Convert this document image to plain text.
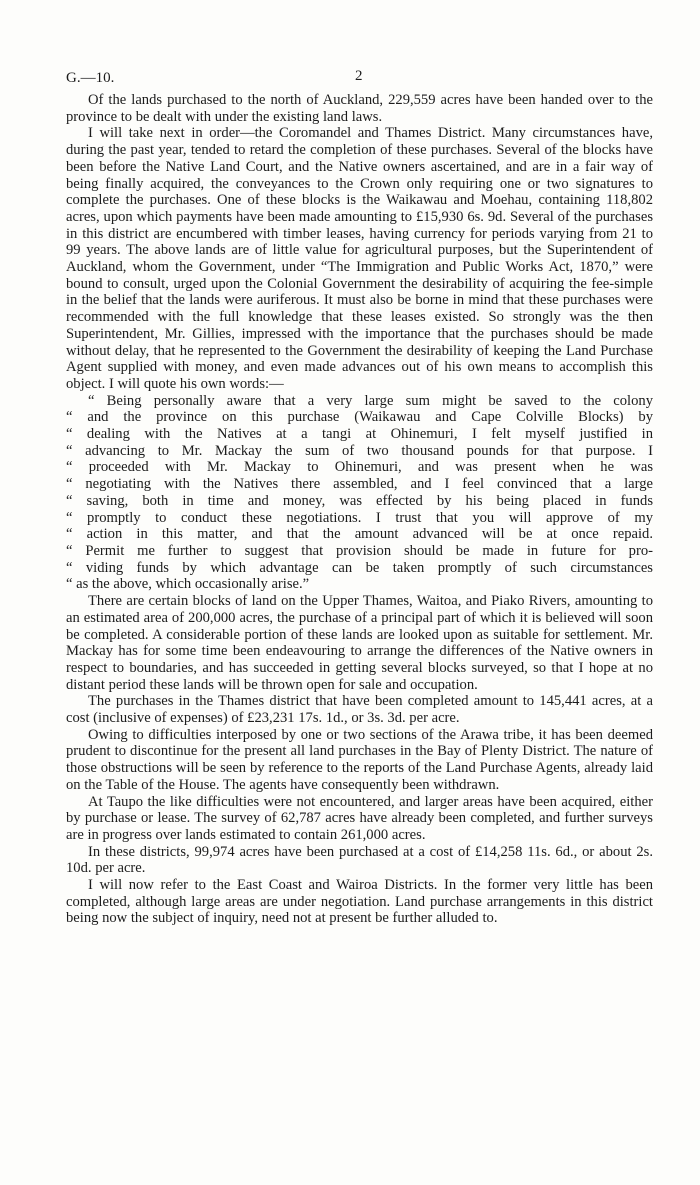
G.—10.	2

Of the lands purchased to the north of Auckland, 229,559 acres have been handed over to the province to be dealt with under the existing land laws.

I will take next in order—the Coromandel and Thames District. Many circumstances have, during the past year, tended to retard the completion of these purchases. Several of the blocks have been before the Native Land Court, and the Native owners ascertained, and are in a fair way of being finally acquired, the conveyances to the Crown only requiring one or two signatures to complete the purchases. One of these blocks is the Waikawau and Moehau, containing 118,802 acres, upon which payments have been made amounting to £15,930 6s. 9d. Several of the purchases in this district are encumbered with timber leases, having currency for periods varying from 21 to 99 years. The above lands are of little value for agricultural purposes, but the Superintendent of Auckland, whom the Government, under “The Immigration and Public Works Act, 1870,” were bound to consult, urged upon the Colonial Government the desirability of acquiring the fee-simple in the belief that the lands were auriferous. It must also be borne in mind that these purchases were recommended with the full knowledge that these leases existed. So strongly was the then Superintendent, Mr. Gillies, impressed with the importance that the purchases should be made without delay, that he represented to the Government the desirability of keeping the Land Purchase Agent supplied with money, and even made advances out of his own means to accomplish this object. I will quote his own words:—

“ Being personally aware that a very large sum might be saved to the colony
“ and the province on this purchase (Waikawau and Cape Colville Blocks) by
“ dealing with the Natives at a tangi at Ohinemuri, I felt myself justified in
“ advancing to Mr. Mackay the sum of two thousand pounds for that purpose. I
“ proceeded with Mr. Mackay to Ohinemuri, and was present when he was
“ negotiating with the Natives there assembled, and I feel convinced that a large
“ saving, both in time and money, was effected by his being placed in funds
“ promptly to conduct these negotiations. I trust that you will approve of my
“ action in this matter, and that the amount advanced will be at once repaid.
“ Permit me further to suggest that provision should be made in future for pro-
“ viding funds by which advantage can be taken promptly of such circumstances
“ as the above, which occasionally arise.”

There are certain blocks of land on the Upper Thames, Waitoa, and Piako Rivers, amounting to an estimated area of 200,000 acres, the purchase of a principal part of which it is believed will soon be completed. A considerable portion of these lands are looked upon as suitable for settlement. Mr. Mackay has for some time been endeavouring to arrange the differences of the Native owners in respect to boundaries, and has succeeded in getting several blocks surveyed, so that I hope at no distant period these lands will be thrown open for sale and occupation.

The purchases in the Thames district that have been completed amount to 145,441 acres, at a cost (inclusive of expenses) of £23,231 17s. 1d., or 3s. 3d. per acre.

Owing to difficulties interposed by one or two sections of the Arawa tribe, it has been deemed prudent to discontinue for the present all land purchases in the Bay of Plenty District. The nature of those obstructions will be seen by reference to the reports of the Land Purchase Agents, already laid on the Table of the House. The agents have consequently been withdrawn.

At Taupo the like difficulties were not encountered, and larger areas have been acquired, either by purchase or lease. The survey of 62,787 acres have already been completed, and further surveys are in progress over lands estimated to contain 261,000 acres.

In these districts, 99,974 acres have been purchased at a cost of £14,258 11s. 6d., or about 2s. 10d. per acre.

I will now refer to the East Coast and Wairoa Districts. In the former very little has been completed, although large areas are under negotiation. Land purchase arrangements in this district being now the subject of inquiry, need not at present be further alluded to.
